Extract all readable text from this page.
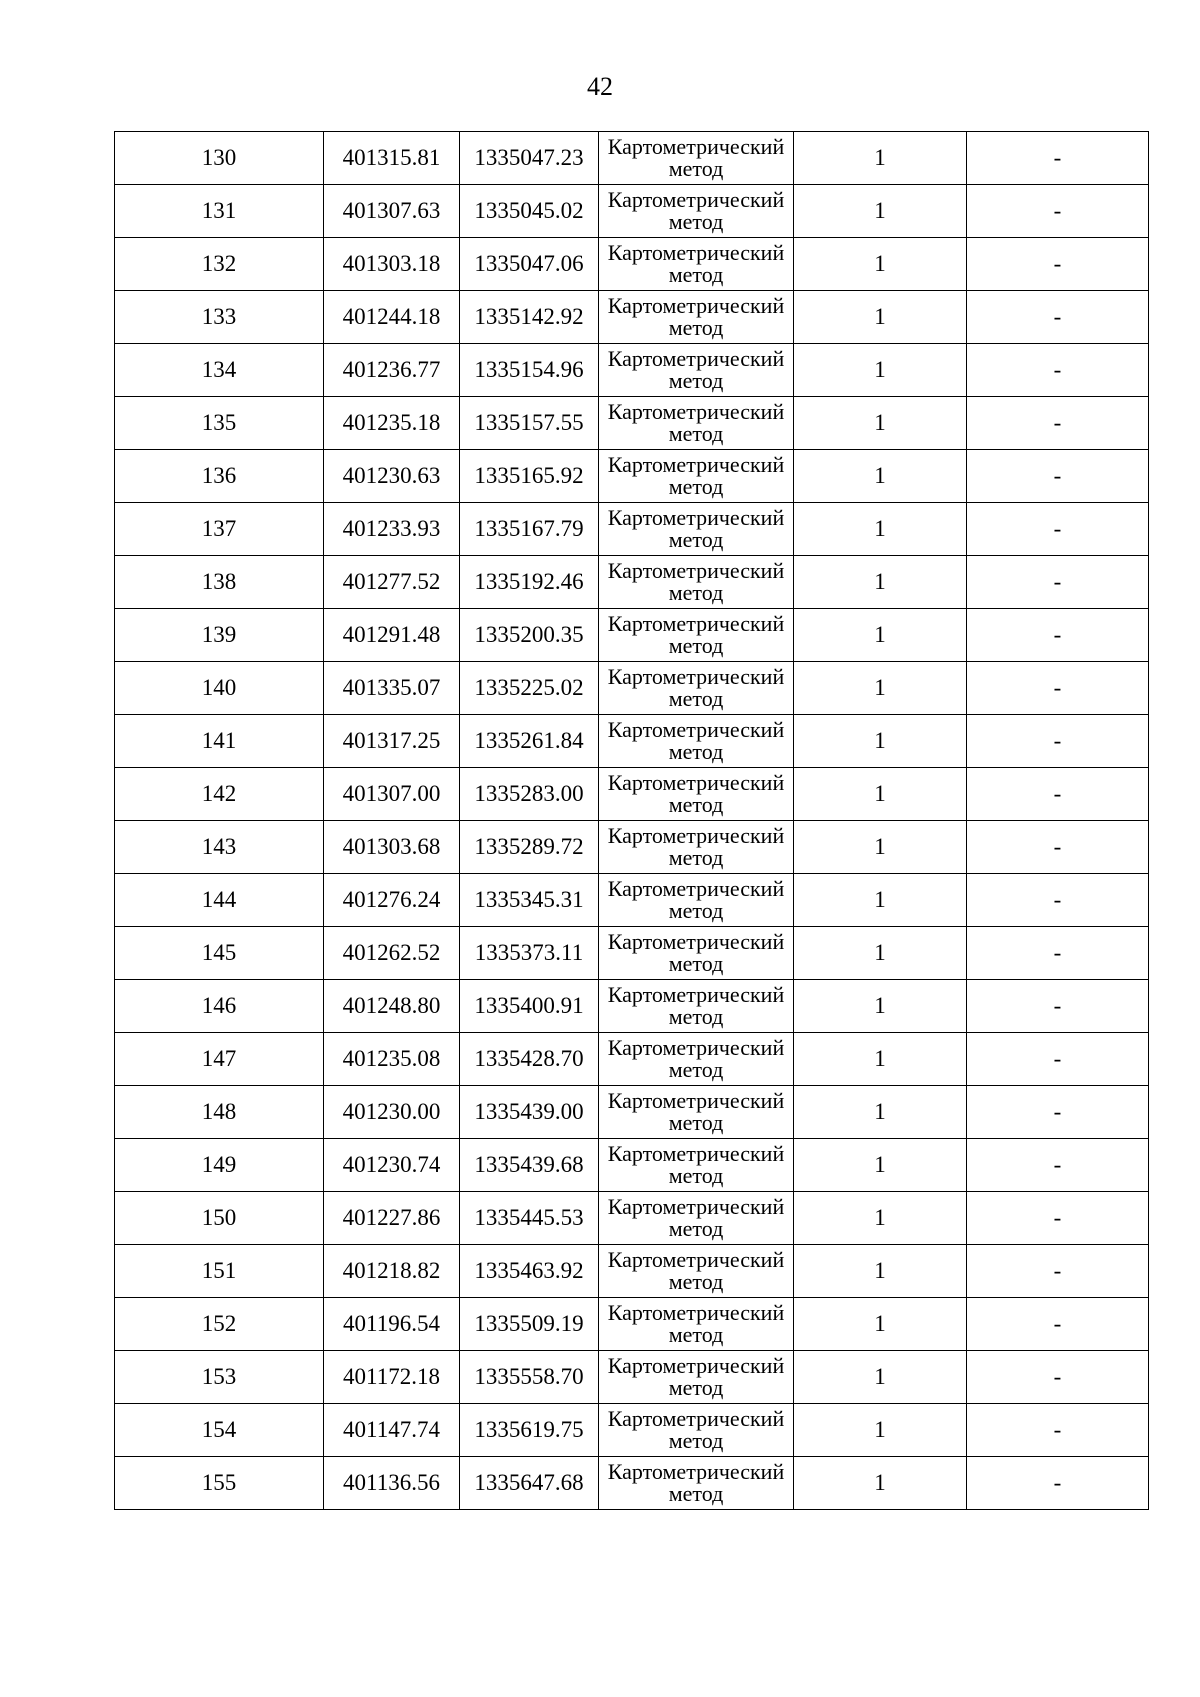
42
130	401315.81	1335047.23	Картометрический
метод	1	-
131	401307.63	1335045.02	Картометрический
метод	1	-
132	401303.18	1335047.06	Картометрический
метод	1	-
133	401244.18	1335142.92	Картометрический
метод	1	-
134	401236.77	1335154.96	Картометрический
метод	1	-
135	401235.18	1335157.55	Картометрический
метод	1	-
136	401230.63	1335165.92	Картометрический
метод	1	-
137	401233.93	1335167.79	Картометрический
метод	1	-
138	401277.52	1335192.46	Картометрический
метод	1	-
139	401291.48	1335200.35	Картометрический
метод	1	-
140	401335.07	1335225.02	Картометрический
метод	1	-
141	401317.25	1335261.84	Картометрический
метод	1	-
142	401307.00	1335283.00	Картометрический
метод	1	-
143	401303.68	1335289.72	Картометрический
метод	1	-
144	401276.24	1335345.31	Картометрический
метод	1	-
145	401262.52	1335373.11	Картометрический
метод	1	-
146	401248.80	1335400.91	Картометрический
метод	1	-
147	401235.08	1335428.70	Картометрический
метод	1	-
148	401230.00	1335439.00	Картометрический
метод	1	-
149	401230.74	1335439.68	Картометрический
метод	1	-
150	401227.86	1335445.53	Картометрический
метод	1	-
151	401218.82	1335463.92	Картометрический
метод	1	-
152	401196.54	1335509.19	Картометрический
метод	1	-
153	401172.18	1335558.70	Картометрический
метод	1	-
154	401147.74	1335619.75	Картометрический
метод	1	-
155	401136.56	1335647.68	Картометрический
метод	1	-
